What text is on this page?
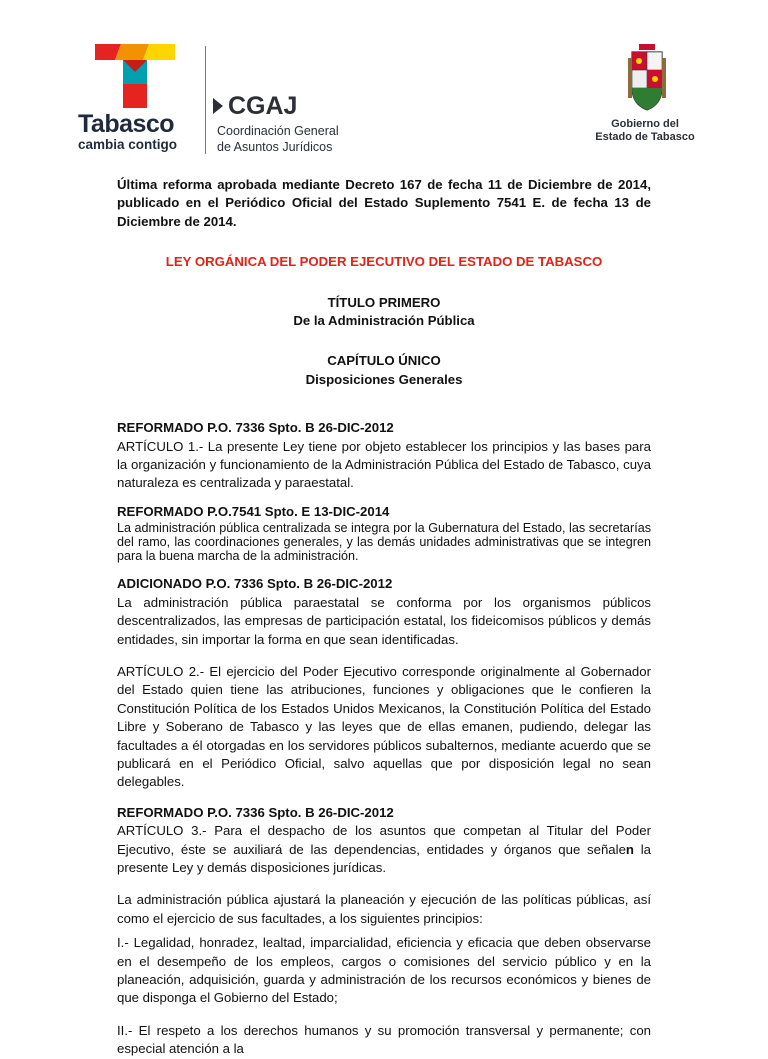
Tabasco
cambia contigo
CGAJ
Coordinación General
de Asuntos Jurídicos
Gobierno del
Estado de Tabasco

Última reforma aprobada mediante Decreto 167 de fecha 11 de Diciembre de 2014, publicado en el Periódico Oficial del Estado Suplemento 7541 E. de fecha 13 de Diciembre de 2014.

LEY ORGÁNICA DEL PODER EJECUTIVO DEL ESTADO DE TABASCO

TÍTULO PRIMERO

De la Administración Pública

CAPÍTULO ÚNICO

Disposiciones Generales

REFORMADO P.O. 7336 Spto. B 26-DIC-2012

ARTÍCULO 1.- La presente Ley tiene por objeto establecer los principios y las bases para la organización y funcionamiento de la Administración Pública del Estado de Tabasco, cuya naturaleza es centralizada y paraestatal.

REFORMADO P.O.7541 Spto. E 13-DIC-2014

La administración pública centralizada se integra por la Gubernatura del Estado, las secretarías del ramo, las coordinaciones generales, y las demás unidades administrativas que se integren para la buena marcha de la administración.

ADICIONADO P.O. 7336 Spto. B 26-DIC-2012

La administración pública paraestatal se conforma por los organismos públicos descentralizados, las empresas de participación estatal, los fideicomisos públicos y demás entidades, sin importar la forma en que sean identificadas.

ARTÍCULO 2.- El ejercicio del Poder Ejecutivo corresponde originalmente al Gobernador del Estado quien tiene las atribuciones, funciones y obligaciones que le confieren la Constitución Política de los Estados Unidos Mexicanos, la Constitución Política del Estado Libre y Soberano de Tabasco y las leyes que de ellas emanen, pudiendo, delegar las facultades a él otorgadas en los servidores públicos subalternos, mediante acuerdo que se publicará en el Periódico Oficial, salvo aquellas que por disposición legal no sean delegables.

REFORMADO P.O. 7336 Spto. B 26-DIC-2012

ARTÍCULO 3.- Para el despacho de los asuntos que competan al Titular del Poder Ejecutivo, éste se auxiliará de las dependencias, entidades y órganos que señalen la presente Ley y demás disposiciones jurídicas.

La administración pública ajustará la planeación y ejecución de las políticas públicas, así como el ejercicio de sus facultades, a los siguientes principios:

I.- Legalidad, honradez, lealtad, imparcialidad, eficiencia y eficacia que deben observarse en el desempeño de los empleos, cargos o comisiones del servicio público y en la planeación, adquisición, guarda y administración de los recursos económicos y bienes de que disponga el Gobierno del Estado;

II.- El respeto a los derechos humanos y su promoción transversal y permanente; con especial atención a la
